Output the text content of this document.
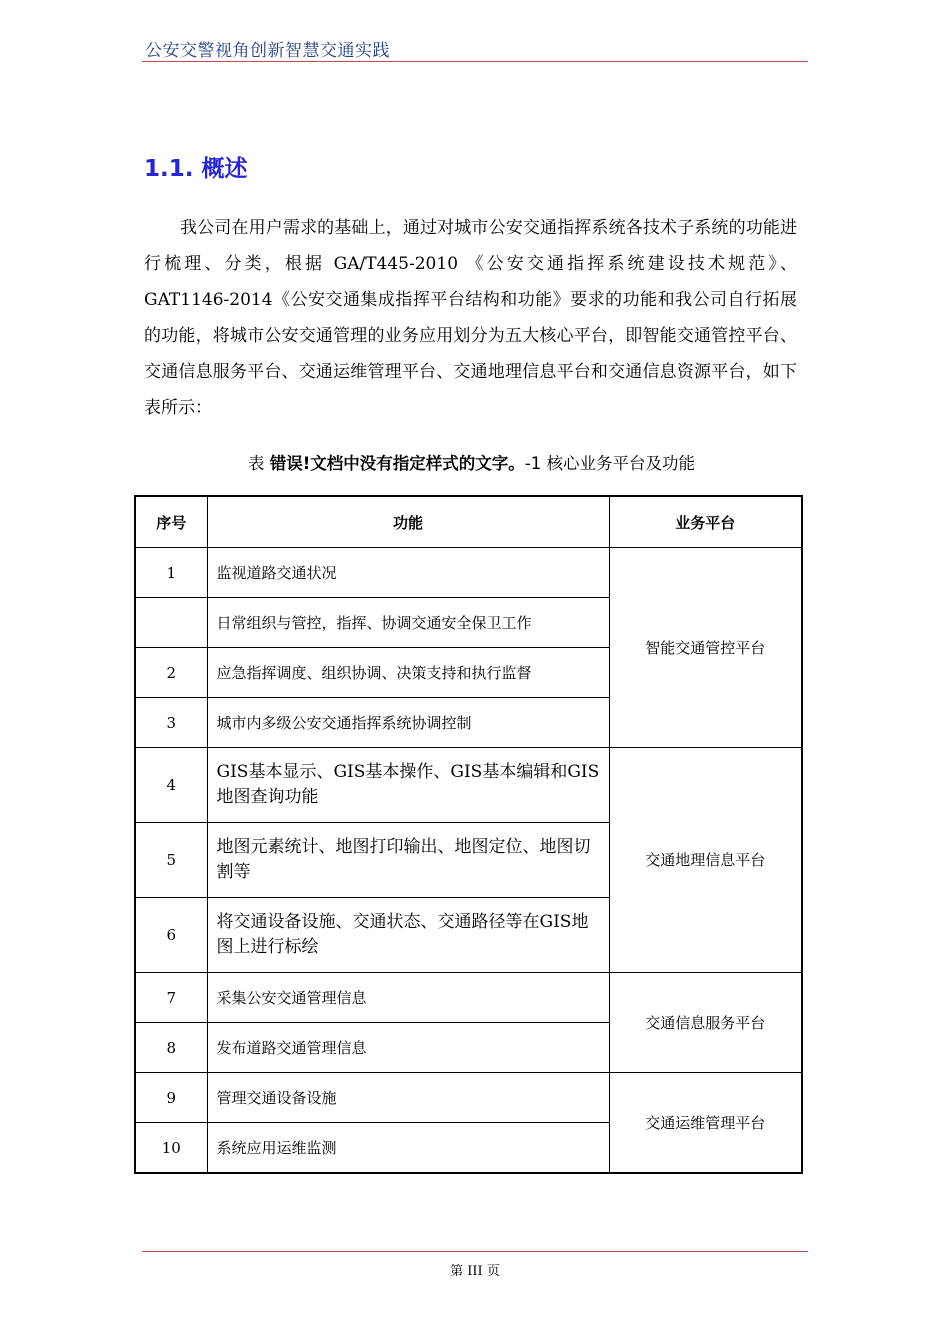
公安交警视角创新智慧交通实践
1.1. 概述
我公司在用户需求的基础上，通过对城市公安交通指挥系统各技术子系统的功能进行梳理、分类，根据 GA/T445-2010 《公安交通指挥系统建设技术规范》、GAT1146-2014《公安交通集成指挥平台结构和功能》要求的功能和我公司自行拓展的功能，将城市公安交通管理的业务应用划分为五大核心平台，即智能交通管控平台、交通信息服务平台、交通运维管理平台、交通地理信息平台和交通信息资源平台，如下表所示：
表 错误!文档中没有指定样式的文字。-1 核心业务平台及功能
序号	功能	业务平台
1	监视道路交通状况	智能交通管控平台
	日常组织与管控，指挥、协调交通安全保卫工作	
2	应急指挥调度、组织协调、决策支持和执行监督	
3	城市内多级公安交通指挥系统协调控制	
4	GIS基本显示、GIS基本操作、GIS基本编辑和GIS地图查询功能	交通地理信息平台
5	地图元素统计、地图打印输出、地图定位、地图切割等	
6	将交通设备设施、交通状态、交通路径等在GIS地图上进行标绘	
7	采集公安交通管理信息	交通信息服务平台
8	发布道路交通管理信息	
9	管理交通设备设施	交通运维管理平台
10	系统应用运维监测	
第 III 页
